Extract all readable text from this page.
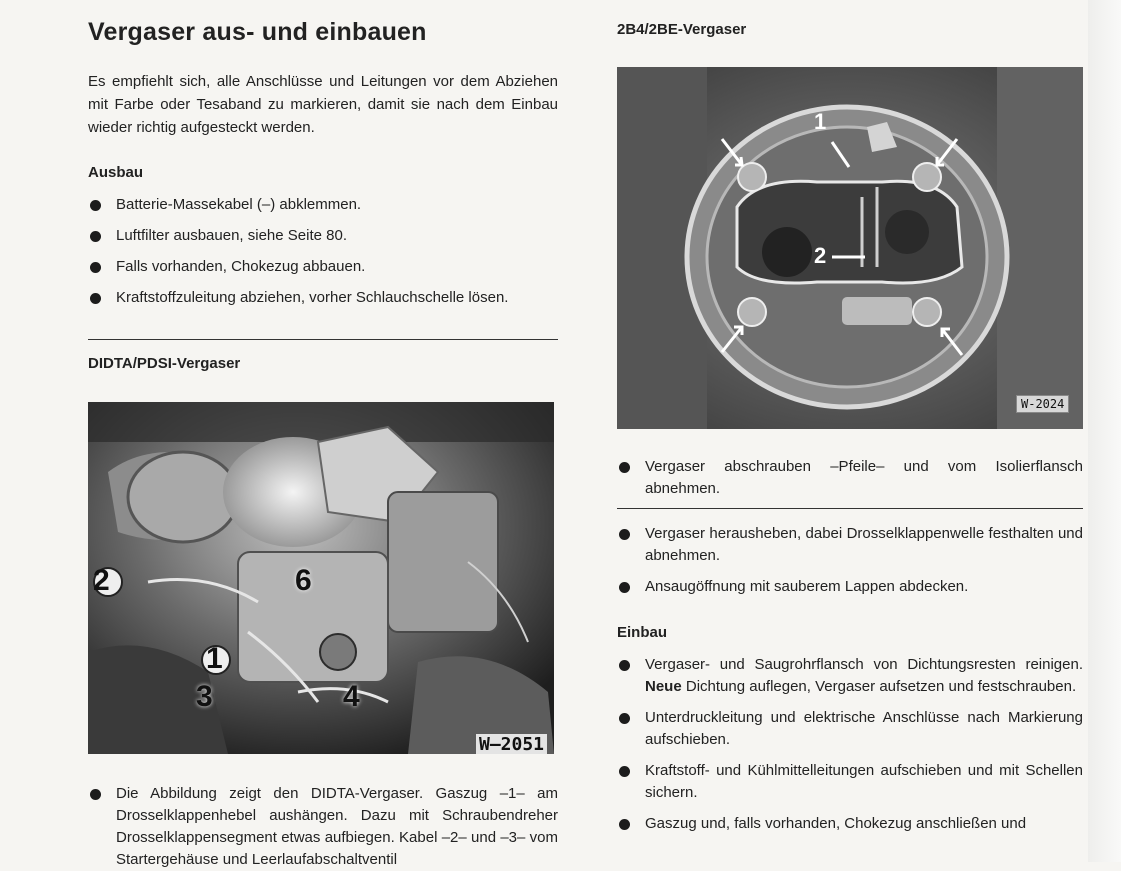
Vergaser aus- und einbauen

Es empfiehlt sich, alle Anschlüsse und Leitungen vor dem Abziehen mit Farbe oder Tesaband zu markieren, damit sie nach dem Einbau wieder richtig aufgesteckt werden.

Ausbau
Batterie-Massekabel (–) abklemmen.
Luftfilter ausbauen, siehe Seite 80.
Falls vorhanden, Chokezug abbauen.
Kraftstoffzuleitung abziehen, vorher Schlauchschelle lösen.
DIDTA/PDSI-Vergaser
2	6
1
3	4
W–2051
Die Abbildung zeigt den DIDTA-Vergaser. Gaszug –1– am Drosselklappenhebel aushängen. Dazu mit Schraubendreher Drosselklappensegment etwas aufbiegen. Kabel –2– und –3– vom Startergehäuse und Leerlaufabschaltventil
2B4/2BE-Vergaser
1
2
W-2024
Vergaser abschrauben –Pfeile– und vom Isolierflansch abnehmen.
Vergaser herausheben, dabei Drosselklappenwelle festhalten und abnehmen.
Ansaugöffnung mit sauberem Lappen abdecken.
Einbau
Vergaser- und Saugrohrflansch von Dichtungsresten reinigen. Neue Dichtung auflegen, Vergaser aufsetzen und festschrauben.
Unterdruckleitung und elektrische Anschlüsse nach Markierung aufschieben.
Kraftstoff- und Kühlmittelleitungen aufschieben und mit Schellen sichern.
Gaszug und, falls vorhanden, Chokezug anschließen und
